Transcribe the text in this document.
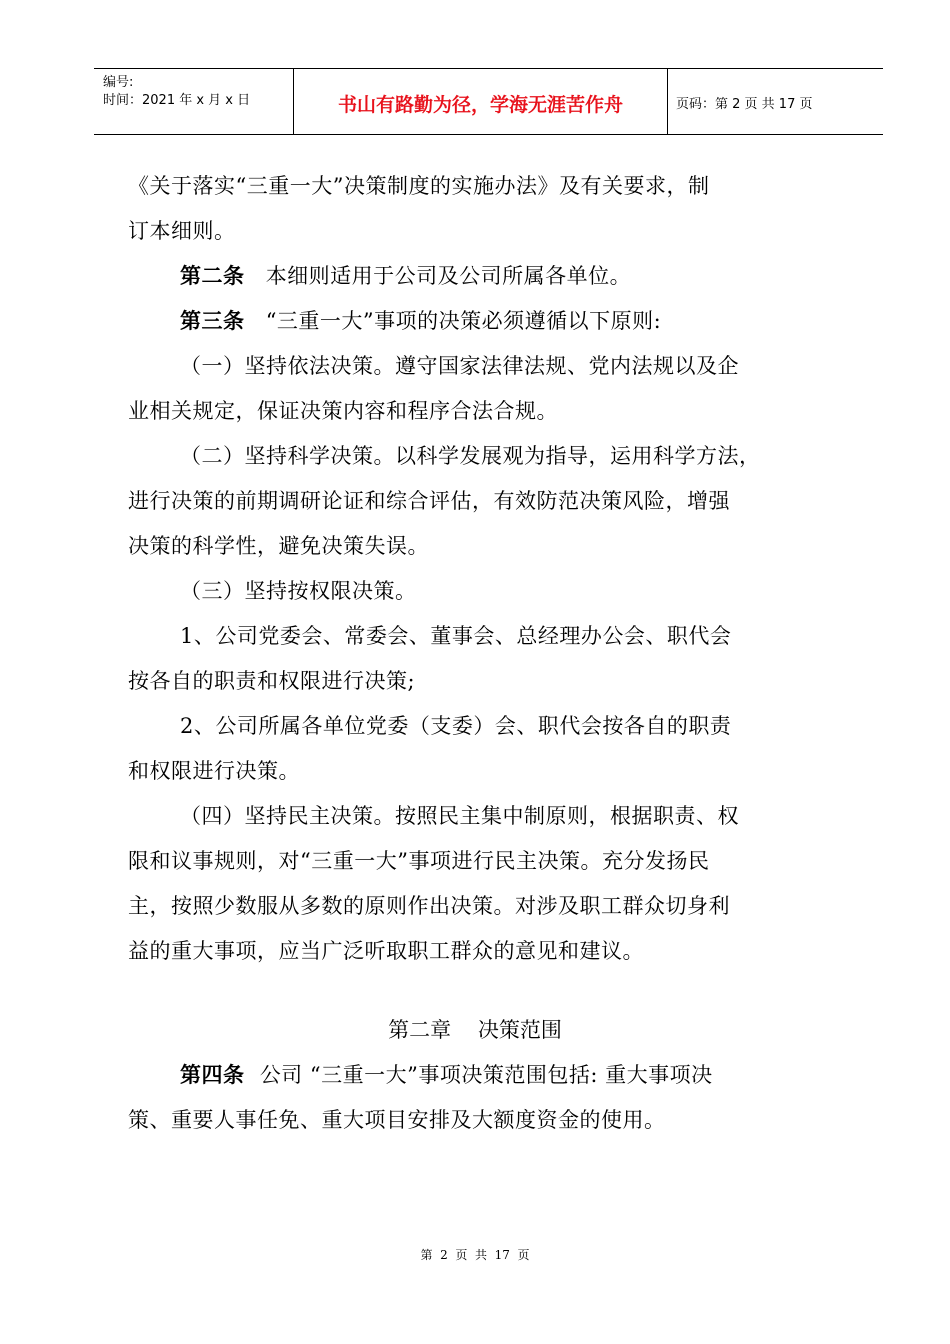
编号:
时间：2021 年 x 月 x 日	书山有路勤为径，学海无涯苦作舟	页码：第 2 页 共 17 页
《关于落实“三重一大”决策制度的实施办法》及有关要求，制
订本细则。
第二条 本细则适用于公司及公司所属各单位。
第三条 “三重一大”事项的决策必须遵循以下原则:
（一）坚持依法决策。遵守国家法律法规、党内法规以及企
业相关规定，保证决策内容和程序合法合规。
（二）坚持科学决策。以科学发展观为指导，运用科学方法，
进行决策的前期调研论证和综合评估，有效防范决策风险，增强
决策的科学性，避免决策失误。
（三）坚持按权限决策。
1、公司党委会、常委会、董事会、总经理办公会、职代会
按各自的职责和权限进行决策;
2、公司所属各单位党委（支委）会、职代会按各自的职责
和权限进行决策。
（四）坚持民主决策。按照民主集中制原则，根据职责、权
限和议事规则，对“三重一大”事项进行民主决策。充分发扬民
主，按照少数服从多数的原则作出决策。对涉及职工群众切身利
益的重大事项，应当广泛听取职工群众的意见和建议。
第二章    决策范围
第四条 公司 “三重一大”事项决策范围包括: 重大事项决
策、重要人事任免、重大项目安排及大额度资金的使用。
第  2  页  共  17  页
